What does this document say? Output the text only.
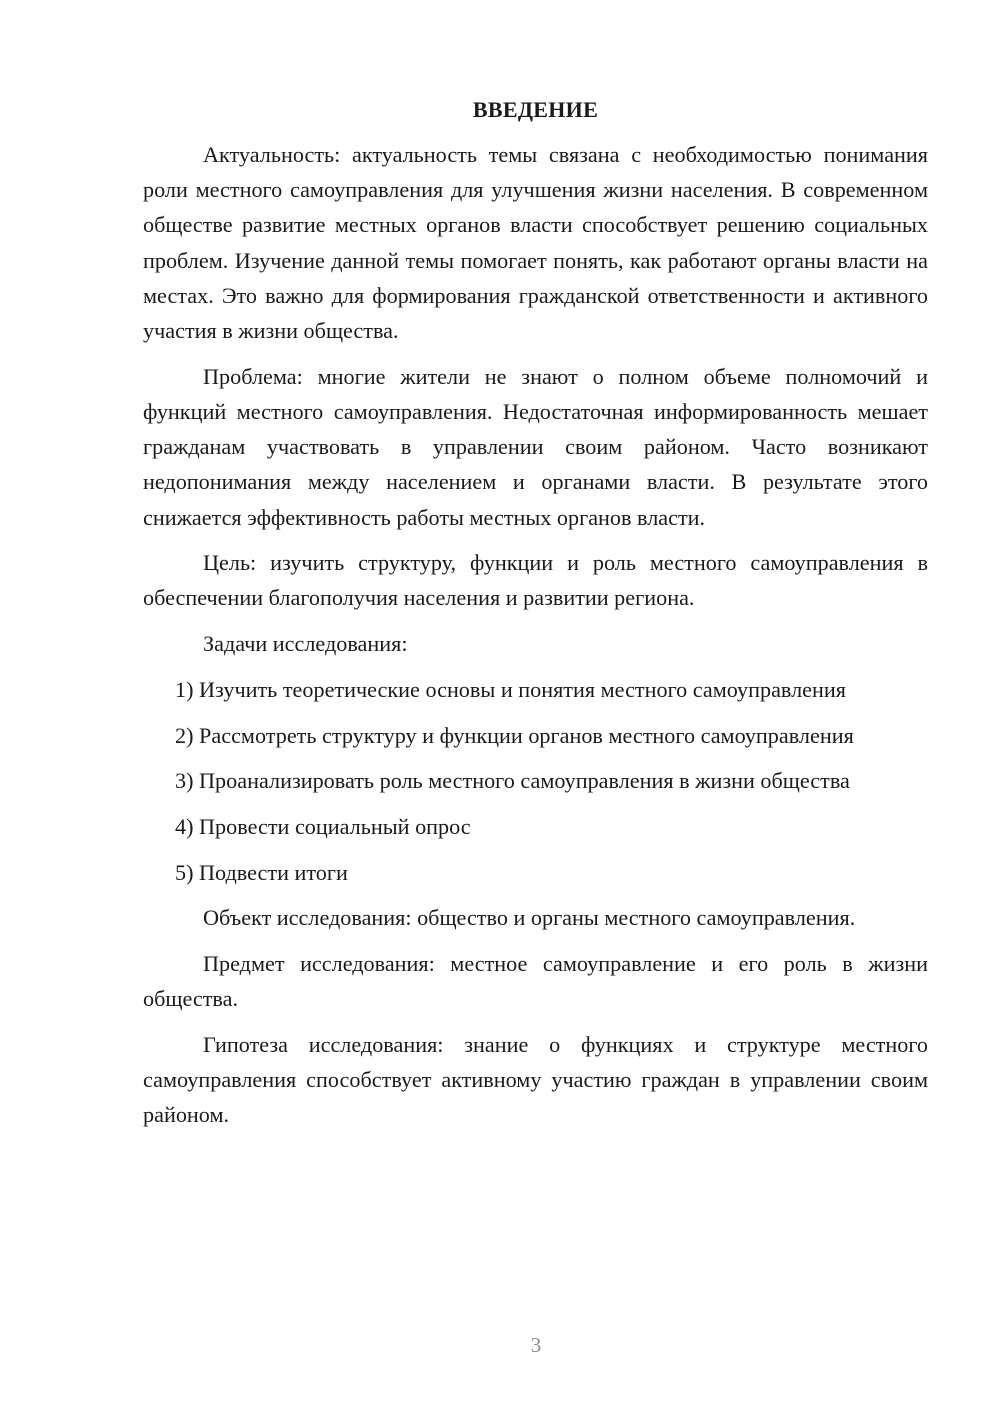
ВВЕДЕНИЕ

Актуальность: актуальность темы связана с необходимостью понимания роли местного самоуправления для улучшения жизни населения. В современном обществе развитие местных органов власти способствует решению социальных проблем. Изучение данной темы помогает понять, как работают органы власти на местах. Это важно для формирования гражданской ответственности и активного участия в жизни общества.

Проблема: многие жители не знают о полном объеме полномочий и функций местного самоуправления. Недостаточная информированность мешает гражданам участвовать в управлении своим районом. Часто возникают недопонимания между населением и органами власти. В результате этого снижается эффективность работы местных органов власти.

Цель: изучить структуру, функции и роль местного самоуправления в обеспечении благополучия населения и развитии региона.

Задачи исследования:

1) Изучить теоретические основы и понятия местного самоуправления

2) Рассмотреть структуру и функции органов местного самоуправления

3) Проанализировать роль местного самоуправления в жизни общества

4) Провести социальный опрос

5) Подвести итоги

Объект исследования: общество и органы местного самоуправления.

Предмет исследования: местное самоуправление и его роль в жизни общества.

Гипотеза исследования: знание о функциях и структуре местного самоуправления способствует активному участию граждан в управлении своим районом.

3
